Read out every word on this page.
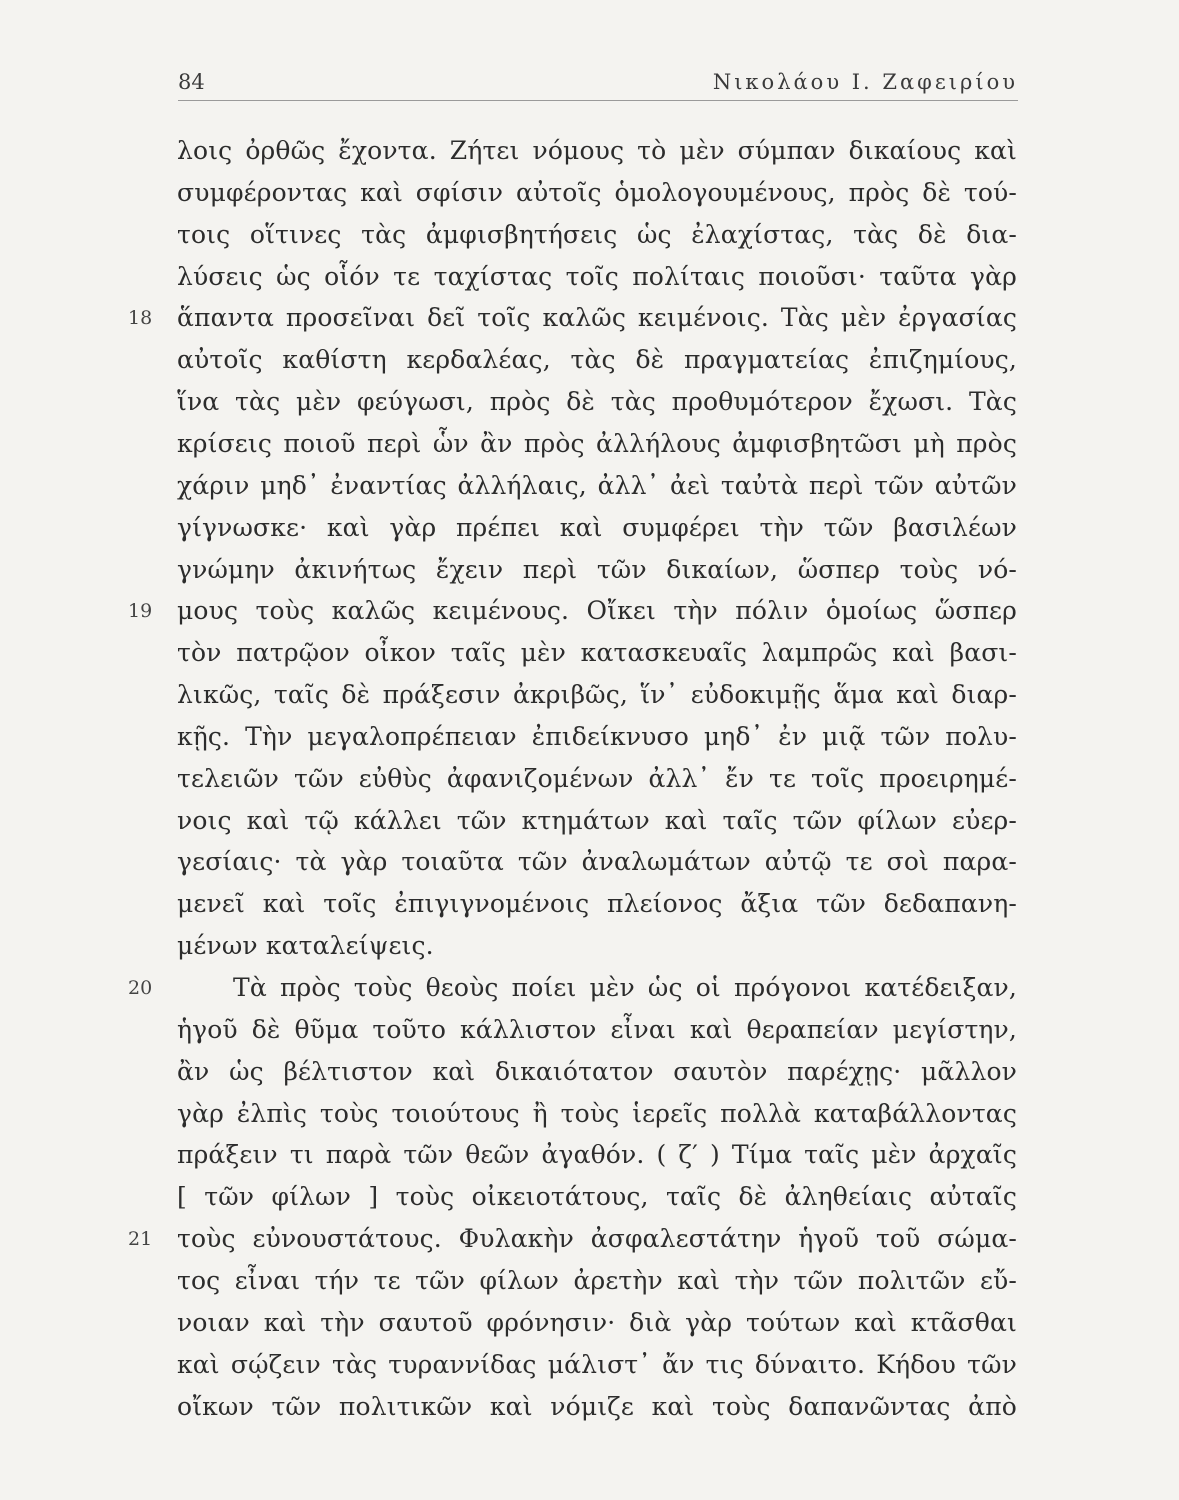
84	Νικολάου Ι. Ζαφειρίου
18
19
20
21
λοις ὀρθῶς ἔχοντα. Ζήτει νόμους τὸ μὲν σύμπαν δικαίους καὶ
συμφέροντας καὶ σφίσιν αὐτοῖς ὁμολογουμένους, πρὸς δὲ τού-
τοις οἵτινες τὰς ἀμφισβητήσεις ὡς ἐλαχίστας, τὰς δὲ δια-
λύσεις ὡς οἷόν τε ταχίστας τοῖς πολίταις ποιοῦσι· ταῦτα γὰρ
ἅπαντα προσεῖναι δεῖ τοῖς καλῶς κειμένοις. Τὰς μὲν ἐργασίας
αὐτοῖς καθίστη κερδαλέας, τὰς δὲ πραγματείας ἐπιζημίους,
ἵνα τὰς μὲν φεύγωσι, πρὸς δὲ τὰς προθυμότερον ἔχωσι. Τὰς
κρίσεις ποιοῦ περὶ ὧν ἂν πρὸς ἀλλήλους ἀμφισβητῶσι μὴ πρὸς
χάριν μηδ᾽ ἐναντίας ἀλλήλαις, ἀλλ᾽ ἀεὶ ταὐτὰ περὶ τῶν αὐτῶν
γίγνωσκε· καὶ γὰρ πρέπει καὶ συμφέρει τὴν τῶν βασιλέων
γνώμην ἀκινήτως ἔχειν περὶ τῶν δικαίων, ὥσπερ τοὺς νό-
μους τοὺς καλῶς κειμένους. Οἴκει τὴν πόλιν ὁμοίως ὥσπερ
τὸν πατρῷον οἶκον ταῖς μὲν κατασκευαῖς λαμπρῶς καὶ βασι-
λικῶς, ταῖς δὲ πράξεσιν ἀκριβῶς, ἵν᾽ εὐδοκιμῇς ἅμα καὶ διαρ-
κῇς. Τὴν μεγαλοπρέπειαν ἐπιδείκνυσο μηδ᾽ ἐν μιᾷ τῶν πολυ-
τελειῶν τῶν εὐθὺς ἀφανιζομένων ἀλλ᾽ ἔν τε τοῖς προειρημέ-
νοις καὶ τῷ κάλλει τῶν κτημάτων καὶ ταῖς τῶν φίλων εὐερ-
γεσίαις· τὰ γὰρ τοιαῦτα τῶν ἀναλωμάτων αὐτῷ τε σοὶ παρα-
μενεῖ καὶ τοῖς ἐπιγιγνομένοις πλείονος ἄξια τῶν δεδαπανη-
μένων καταλείψεις.
Τὰ πρὸς τοὺς θεοὺς ποίει μὲν ὡς οἱ πρόγονοι κατέδειξαν,
ἡγοῦ δὲ θῦμα τοῦτο κάλλιστον εἶναι καὶ θεραπείαν μεγίστην,
ἂν ὡς βέλτιστον καὶ δικαιότατον σαυτὸν παρέχῃς· μᾶλλον
γὰρ ἐλπὶς τοὺς τοιούτους ἢ τοὺς ἱερεῖς πολλὰ καταβάλλοντας
πράξειν τι παρὰ τῶν θεῶν ἀγαθόν. ( ζ′ ) Τίμα ταῖς μὲν ἀρχαῖς
[ τῶν φίλων ] τοὺς οἰκειοτάτους, ταῖς δὲ ἀληθείαις αὐταῖς
τοὺς εὐνουστάτους. Φυλακὴν ἀσφαλεστάτην ἡγοῦ τοῦ σώμα-
τος εἶναι τήν τε τῶν φίλων ἀρετὴν καὶ τὴν τῶν πολιτῶν εὔ-
νοιαν καὶ τὴν σαυτοῦ φρόνησιν· διὰ γὰρ τούτων καὶ κτᾶσθαι
καὶ σῴζειν τὰς τυραννίδας μάλιστ᾽ ἄν τις δύναιτο. Κήδου τῶν
οἴκων τῶν πολιτικῶν καὶ νόμιζε καὶ τοὺς δαπανῶντας ἀπὸ
